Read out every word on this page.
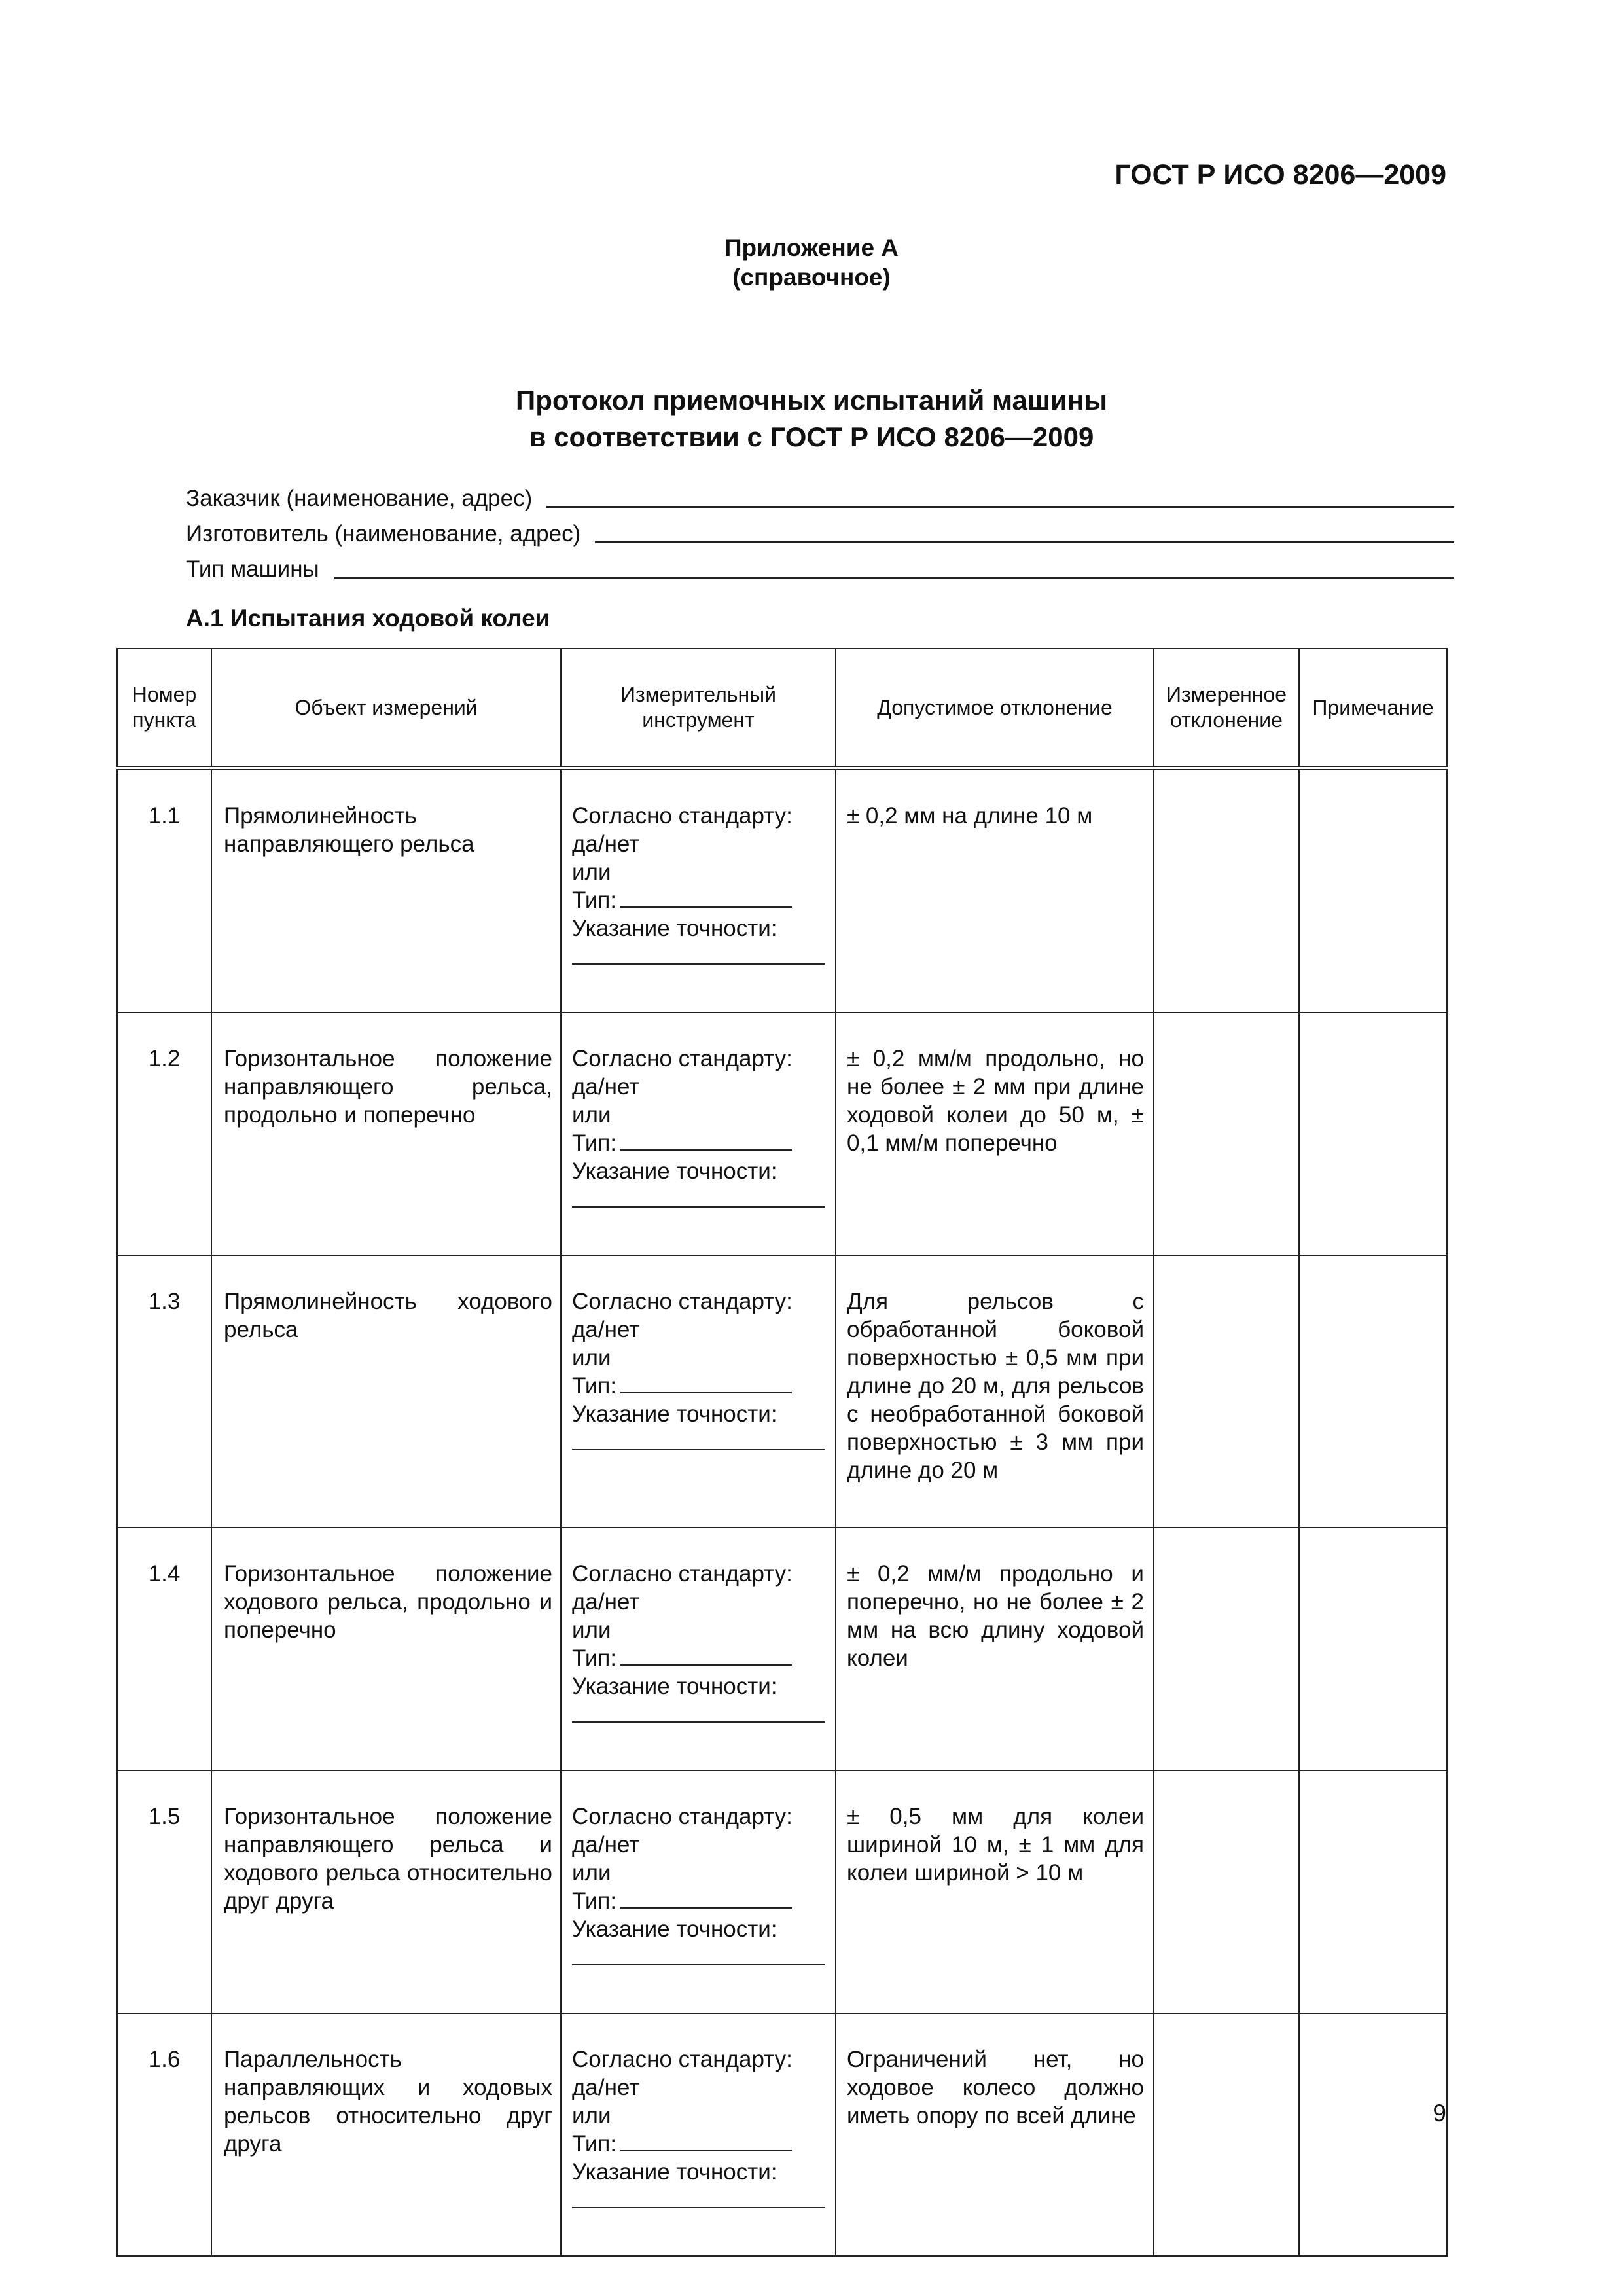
ГОСТ Р ИСО 8206—2009
Приложение А
(справочное)
Протокол приемочных испытаний машины
в соответствии с ГОСТ Р ИСО 8206—2009
Заказчик (наименование, адрес)
Изготовитель (наименование, адрес)
Тип машины
А.1 Испытания ходовой колеи
Номер пункта	Объект измерений	Измерительный инструмент	Допустимое отклонение	Измеренное отклонение	Примечание
1.1	Прямолинейность направляющего рельса	Согласно стандарту:
да/нет
или
Тип:
Указание точности:	± 0,2 мм на длине 10 м		
1.2	Горизонтальное положение направляющего рельса, продольно и поперечно	Согласно стандарту:
да/нет
или
Тип:
Указание точности:	± 0,2 мм/м продольно, но не более ± 2 мм при длине ходовой колеи до 50 м, ± 0,1 мм/м поперечно		
1.3	Прямолинейность ходового рельса	Согласно стандарту:
да/нет
или
Тип:
Указание точности:	Для рельсов с обработанной боковой поверхностью ± 0,5 мм при длине до 20 м, для рельсов с необработанной боковой поверхностью ± 3 мм при длине до 20 м		
1.4	Горизонтальное положение ходового рельса, продольно и поперечно	Согласно стандарту:
да/нет
или
Тип:
Указание точности:	± 0,2 мм/м продольно и поперечно, но не более ± 2 мм на всю длину ходовой колеи		
1.5	Горизонтальное положение направляющего рельса и ходового рельса относительно друг друга	Согласно стандарту:
да/нет
или
Тип:
Указание точности:	± 0,5 мм для колеи шириной 10 м, ± 1 мм для колеи шириной > 10 м		
1.6	Параллельность направляющих и ходовых рельсов относительно друг друга	Согласно стандарту:
да/нет
или
Тип:
Указание точности:	Ограничений нет, но ходовое колесо должно иметь опору по всей длине			9
